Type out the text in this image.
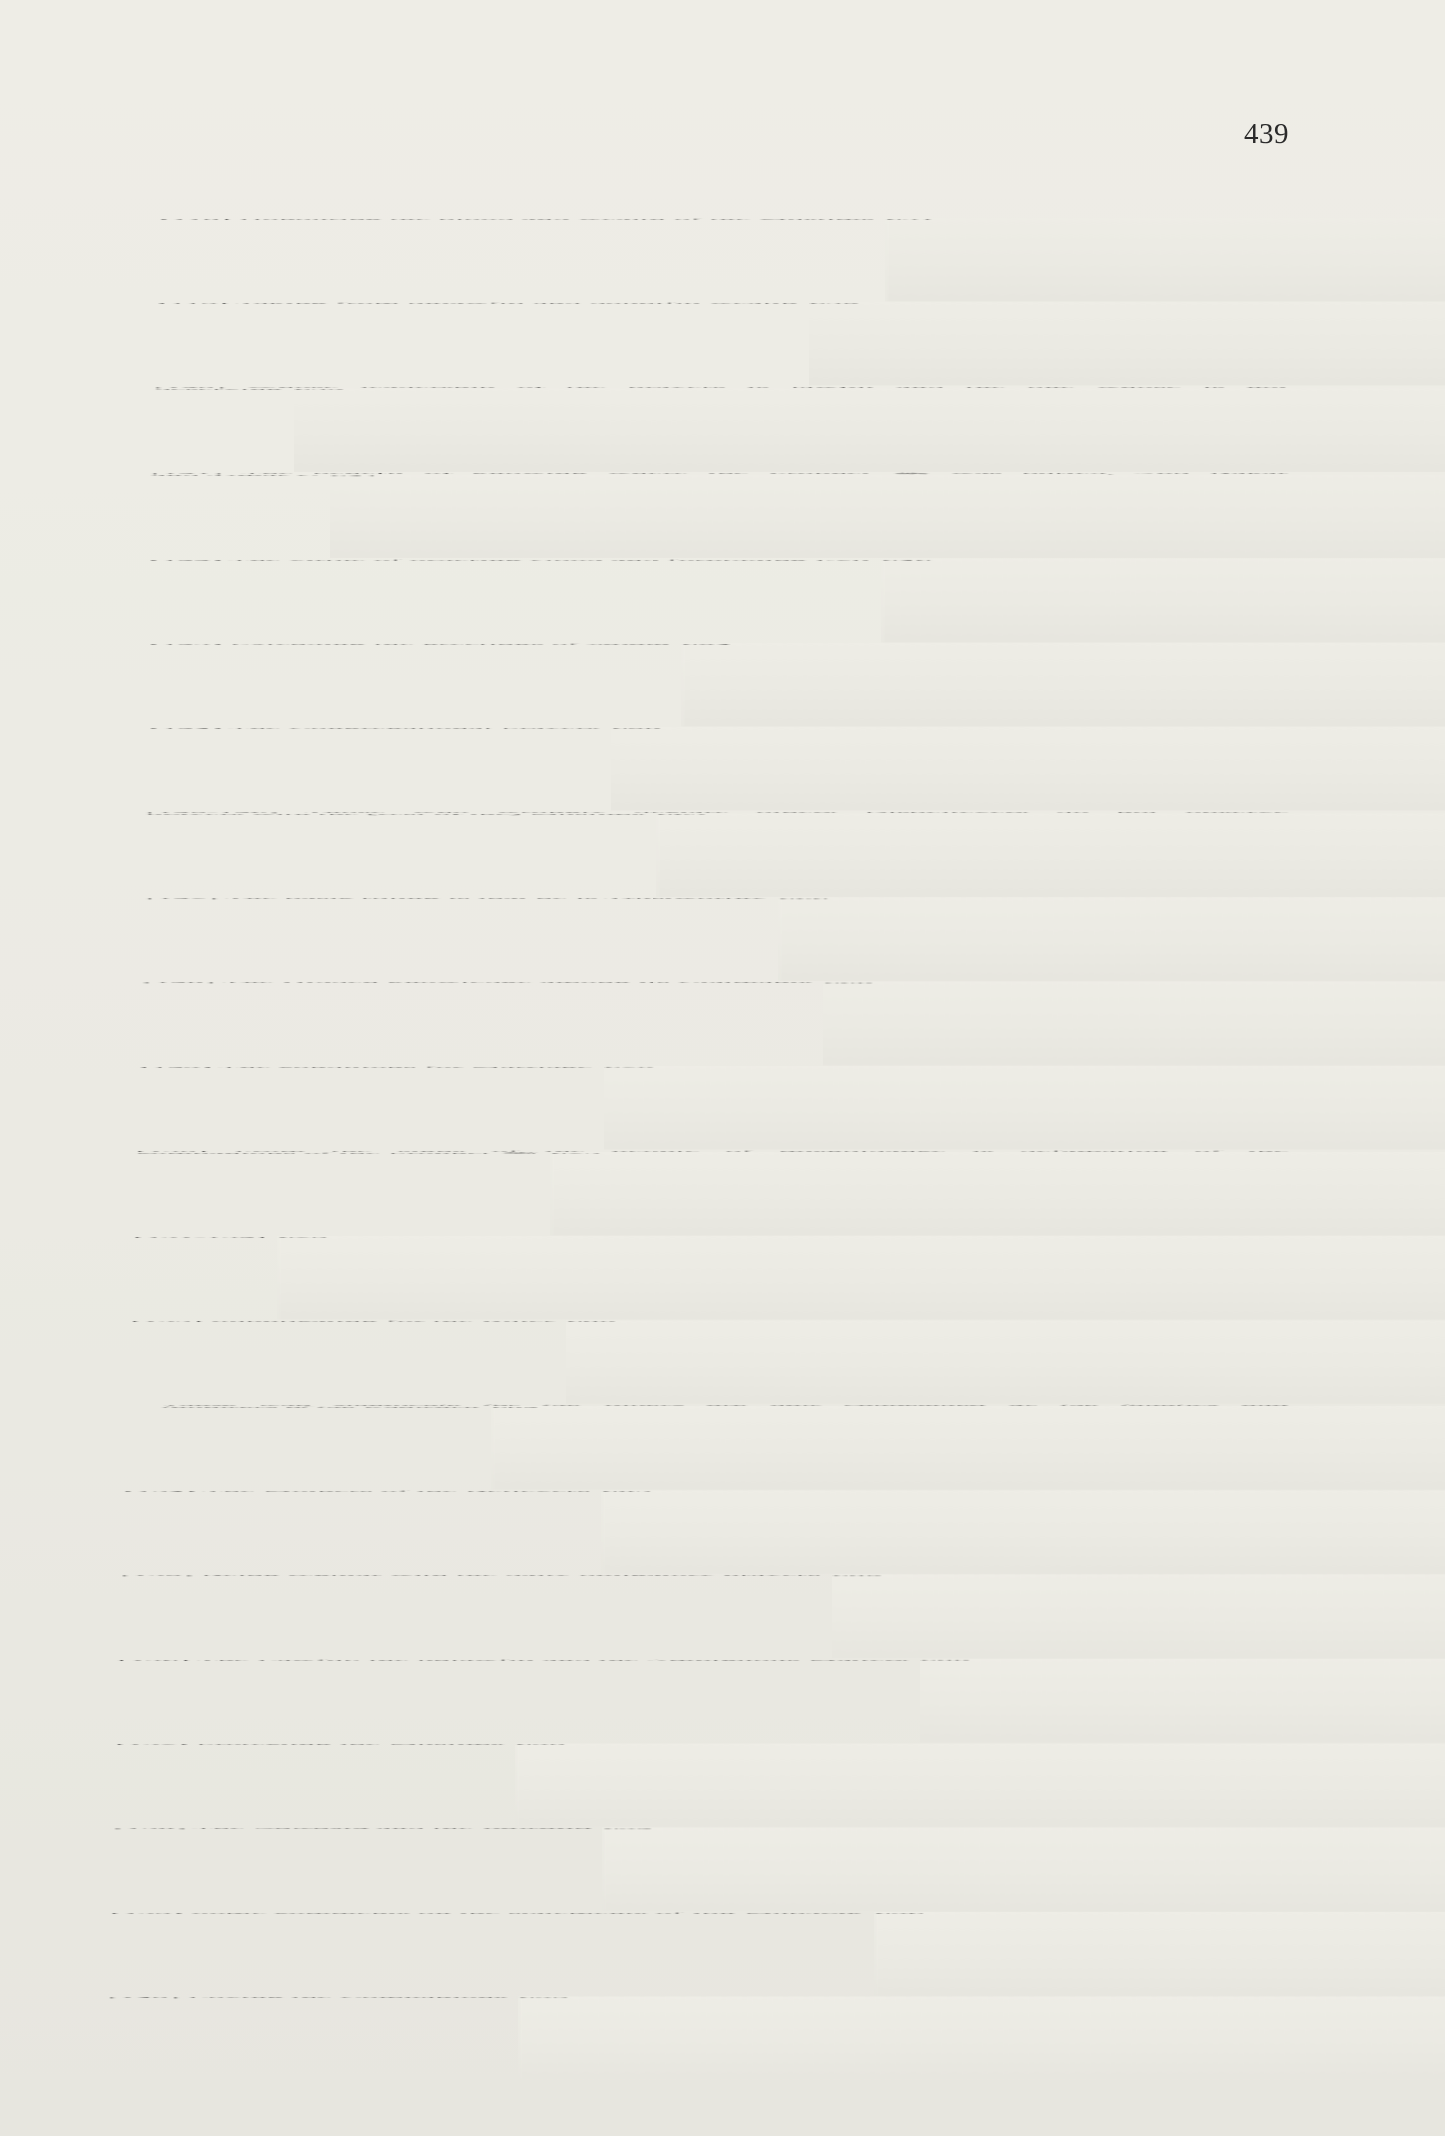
439
[118] Honouring the blood and wealth of the Muslims 631
[119] Taking from unlawful and doubtful wealth 635
[120] Whose
deserving 639
[121] The
and 'Umar C 641
[122] The virtue of ordering Good and forbidding Evil 646
[123] Extending the greetings of Salām 654
[124] The Congregational Prayers 658
[125-126] Those who wrongly
prayers with the (rest of the) Muslims 663
[127] The basic ruling is that he is Trustworthy 666
[128] The Hidden knowledge among its Claimants 668
[129] The conditions for Marriage 670
[130] From the signs of
companions of the Prophet ﷺ 673
[131-132] 679
[133] Supplicating for the Ruler 680
Those who supplicate
followers of the Khawārij 682
[134] The Mothers of the Believers 683
[135] Being regular with the daily obligatory prayers 685
[136] The Lawful, the unlawful and the Ambiguous Matters 688
[137] Protecting the Muslims 690
[138] The Nawāṣib and the Rawāfiḍ 692
[139] Some comments on the statements of Ibn Mubārak 696
[140] Loving the Companions 699
